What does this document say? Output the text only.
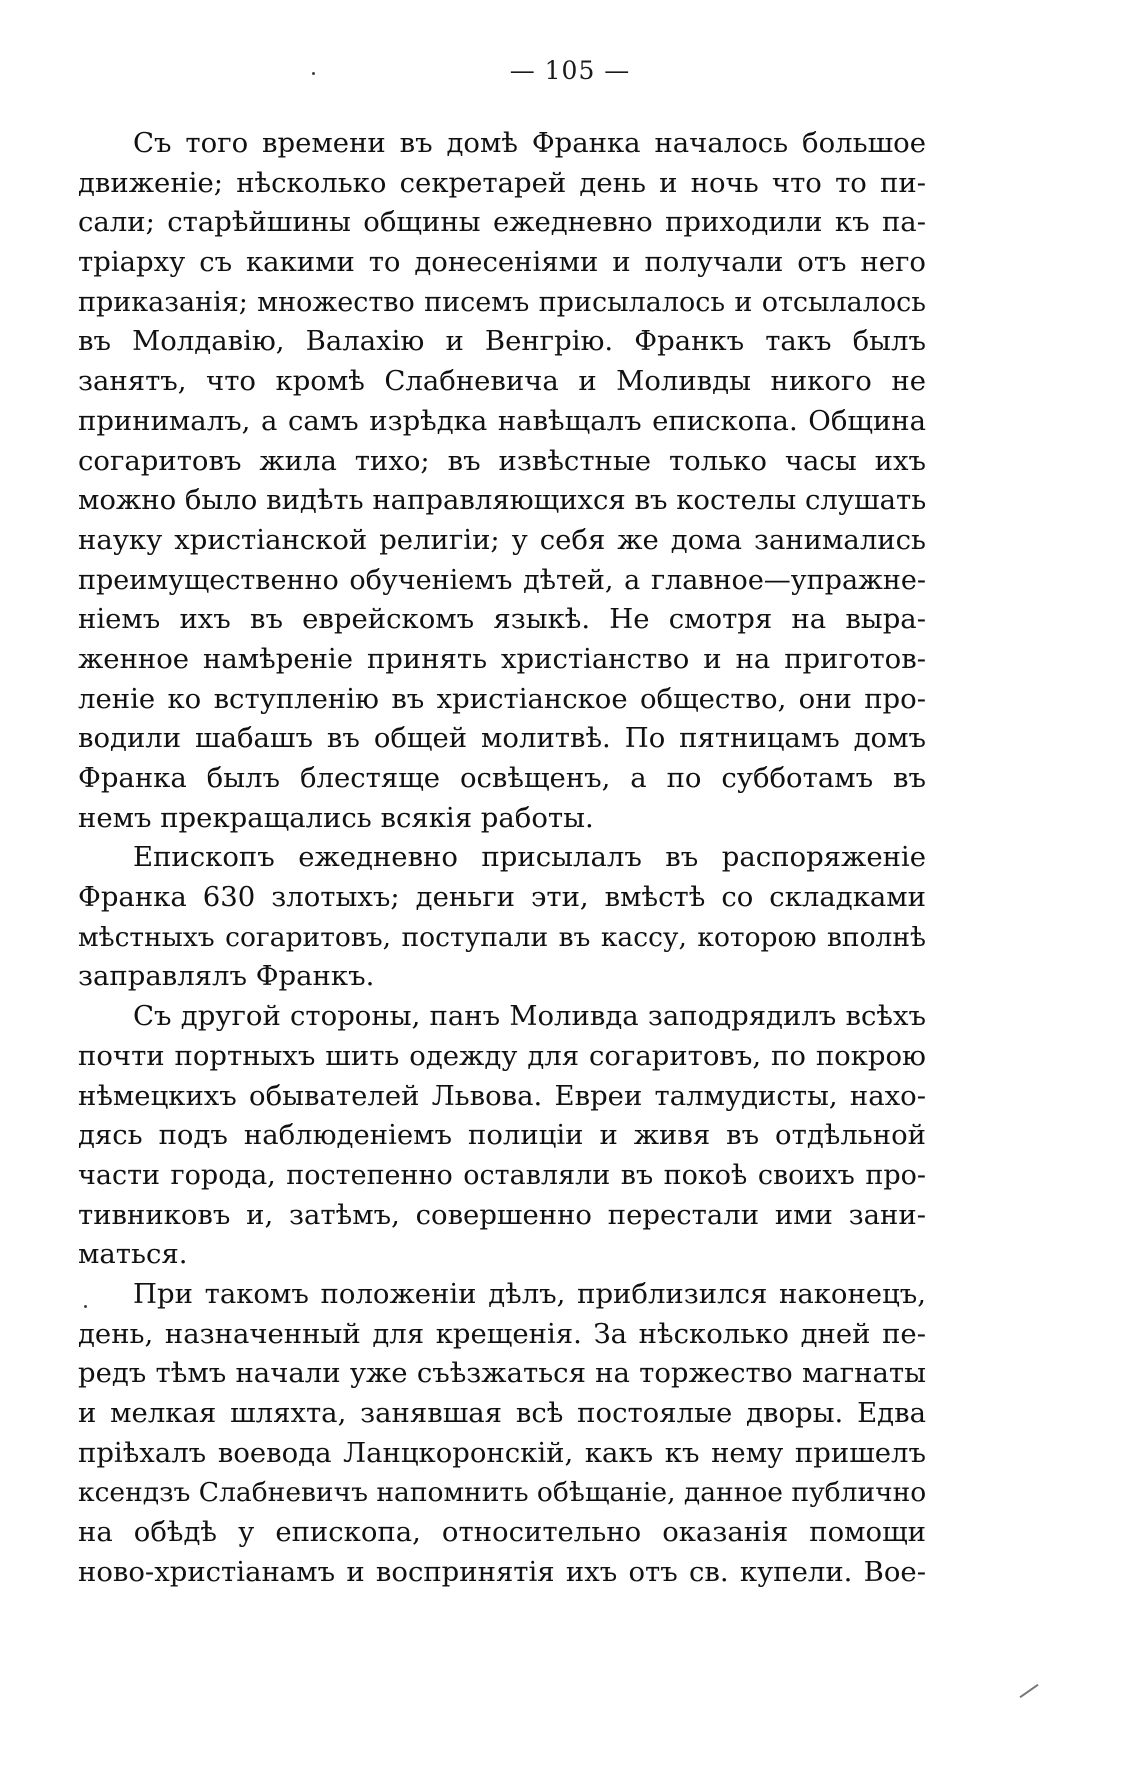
— 105 —
Съ того времени въ домѣ Франка началось большое
движеніе; нѣсколько секретарей день и ночь что то пи-
сали; старѣйшины общины ежедневно приходили къ па-
тріарху съ какими то донесеніями и получали отъ него
приказанія; множество писемъ присылалось и отсылалось
въ Молдавію, Валахію и Венгрію. Франкъ такъ былъ
занятъ, что кромѣ Слабневича и Моливды никого не
принималъ, а самъ изрѣдка навѣщалъ епископа. Община
согаритовъ жила тихо; въ извѣстные только часы ихъ
можно было видѣть направляющихся въ костелы слушать
науку христіанской религіи; у себя же дома занимались
преимущественно обученіемъ дѣтей, а главное—упражне-
ніемъ ихъ въ еврейскомъ языкѣ. Не смотря на выра-
женное намѣреніе принять христіанство и на приготов-
леніе ко вступленію въ христіанское общество, они про-
водили шабашъ въ общей молитвѣ. По пятницамъ домъ
Франка былъ блестяще освѣщенъ, а по субботамъ въ
немъ прекращались всякія работы.
Епископъ ежедневно присылалъ въ распоряженіе
Франка 630 злотыхъ; деньги эти, вмѣстѣ со складками
мѣстныхъ согаритовъ, поступали въ кассу, которою вполнѣ
заправлялъ Франкъ.
Съ другой стороны, панъ Моливда заподрядилъ всѣхъ
почти портныхъ шить одежду для согаритовъ, по покрою
нѣмецкихъ обывателей Львова. Евреи талмудисты, нахо-
дясь подъ наблюденіемъ полиціи и живя въ отдѣльной
части города, постепенно оставляли въ покоѣ своихъ про-
тивниковъ и, затѣмъ, совершенно перестали ими зани-
маться.
При такомъ положеніи дѣлъ, приблизился наконецъ,
день, назначенный для крещенія. За нѣсколько дней пе-
редъ тѣмъ начали уже съѣзжаться на торжество магнаты
и мелкая шляхта, занявшая всѣ постоялые дворы. Едва
пріѣхалъ воевода Ланцкоронскій, какъ къ нему пришелъ
ксендзъ Слабневичъ напомнить обѣщаніе, данное публично
на обѣдѣ у епископа, относительно оказанія помощи
ново-христіанамъ и воспринятія ихъ отъ св. купели. Вое-
